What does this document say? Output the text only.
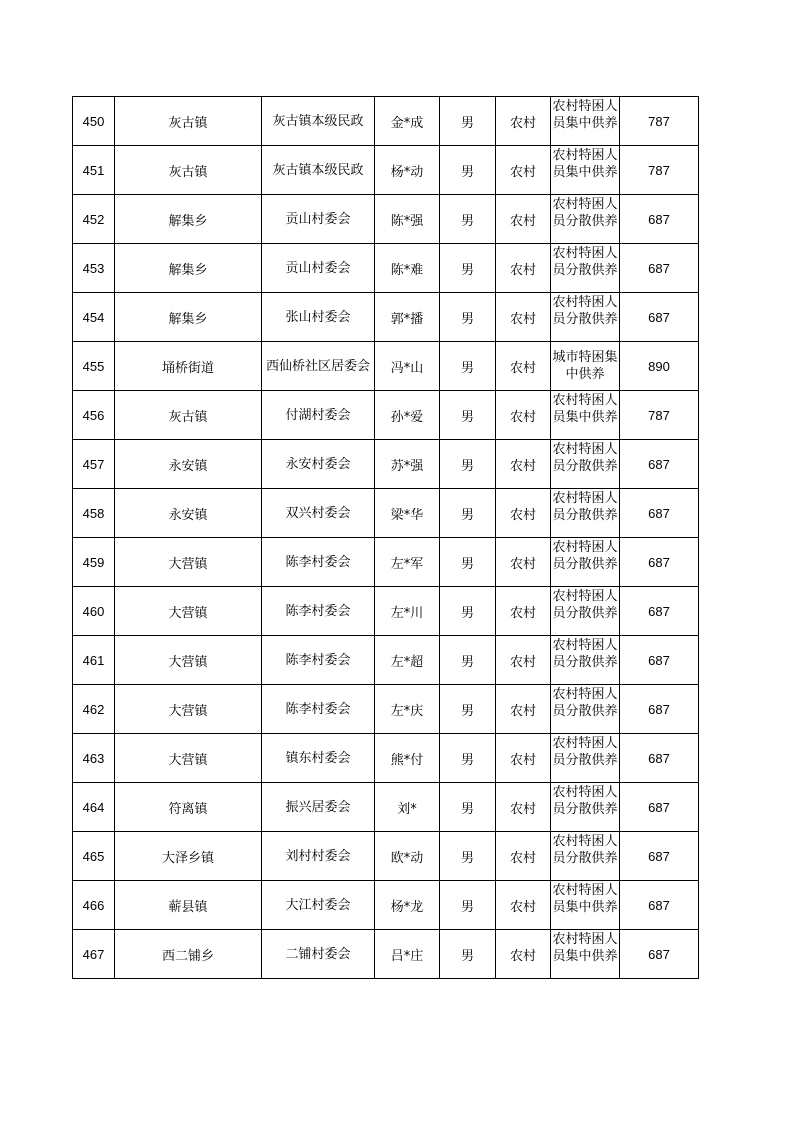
450	灰古镇	灰古镇本级民政	金*成	男	农村	农村特困人员集中供养	787
451	灰古镇	灰古镇本级民政	杨*动	男	农村	农村特困人员集中供养	787
452	解集乡	贡山村委会	陈*强	男	农村	农村特困人员分散供养	687
453	解集乡	贡山村委会	陈*难	男	农村	农村特困人员分散供养	687
454	解集乡	张山村委会	郭*播	男	农村	农村特困人员分散供养	687
455	埇桥街道	西仙桥社区居委会	冯*山	男	农村	城市特困集中供养	890
456	灰古镇	付湖村委会	孙*爱	男	农村	农村特困人员集中供养	787
457	永安镇	永安村委会	苏*强	男	农村	农村特困人员分散供养	687
458	永安镇	双兴村委会	梁*华	男	农村	农村特困人员分散供养	687
459	大营镇	陈李村委会	左*军	男	农村	农村特困人员分散供养	687
460	大营镇	陈李村委会	左*川	男	农村	农村特困人员分散供养	687
461	大营镇	陈李村委会	左*超	男	农村	农村特困人员分散供养	687
462	大营镇	陈李村委会	左*庆	男	农村	农村特困人员分散供养	687
463	大营镇	镇东村委会	熊*付	男	农村	农村特困人员分散供养	687
464	符离镇	振兴居委会	刘*	男	农村	农村特困人员分散供养	687
465	大泽乡镇	刘村村委会	欧*动	男	农村	农村特困人员分散供养	687
466	蕲县镇	大江村委会	杨*龙	男	农村	农村特困人员集中供养	687
467	西二铺乡	二铺村委会	吕*庄	男	农村	农村特困人员集中供养	687
